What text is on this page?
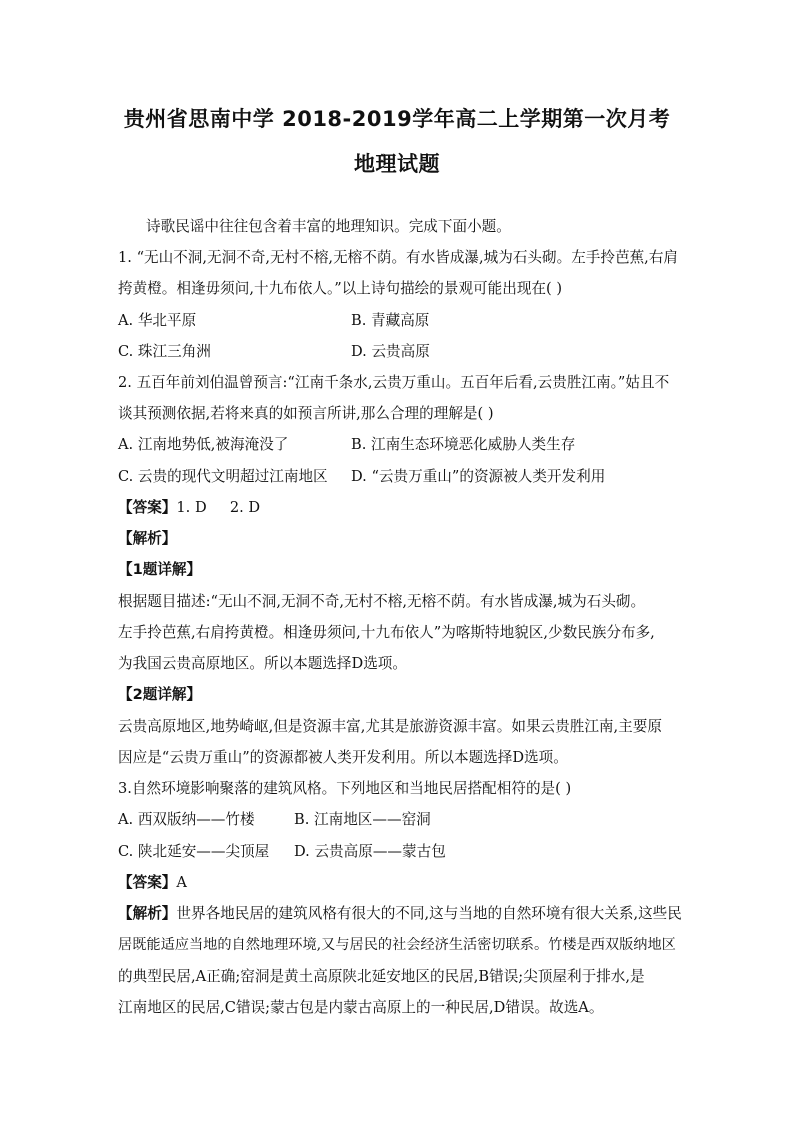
贵州省思南中学 2018-2019学年高二上学期第一次月考
地理试题
诗歌民谣中往往包含着丰富的地理知识。完成下面小题。
1. “无山不洞,无洞不奇,无村不榕,无榕不荫。有水皆成瀑,城为石头砌。左手拎芭蕉,右肩
挎黄橙。相逢毋须问,十九布依人。”以上诗句描绘的景观可能出现在( )
A. 华北平原	B. 青藏高原
C. 珠江三角洲	D. 云贵高原
2. 五百年前刘伯温曾预言:“江南千条水,云贵万重山。五百年后看,云贵胜江南。”姑且不
谈其预测依据,若将来真的如预言所讲,那么合理的理解是( )
A. 江南地势低,被海淹没了	B. 江南生态环境恶化威胁人类生存
C. 云贵的现代文明超过江南地区 D. “云贵万重山”的资源被人类开发利用
【答案】1. D     2. D
【解析】
【1题详解】
根据题目描述:“无山不洞,无洞不奇,无村不榕,无榕不荫。有水皆成瀑,城为石头砌。
左手拎芭蕉,右肩挎黄橙。相逢毋须问,十九布依人”为喀斯特地貌区,少数民族分布多,
为我国云贵高原地区。所以本题选择D选项。
【2题详解】
云贵高原地区,地势崎岖,但是资源丰富,尤其是旅游资源丰富。如果云贵胜江南,主要原
因应是“云贵万重山”的资源都被人类开发利用。所以本题选择D选项。
3.自然环境影响聚落的建筑风格。下列地区和当地民居搭配相符的是( )
A. 西双版纳——竹楼	B. 江南地区——窑洞
C. 陕北延安——尖顶屋 D. 云贵高原——蒙古包
【答案】A
【解析】世界各地民居的建筑风格有很大的不同,这与当地的自然环境有很大关系,这些民
居既能适应当地的自然地理环境,又与居民的社会经济生活密切联系。竹楼是西双版纳地区
的典型民居,A正确;窑洞是黄土高原陕北延安地区的民居,B错误;尖顶屋利于排水,是
江南地区的民居,C错误;蒙古包是内蒙古高原上的一种民居,D错误。故选A。
